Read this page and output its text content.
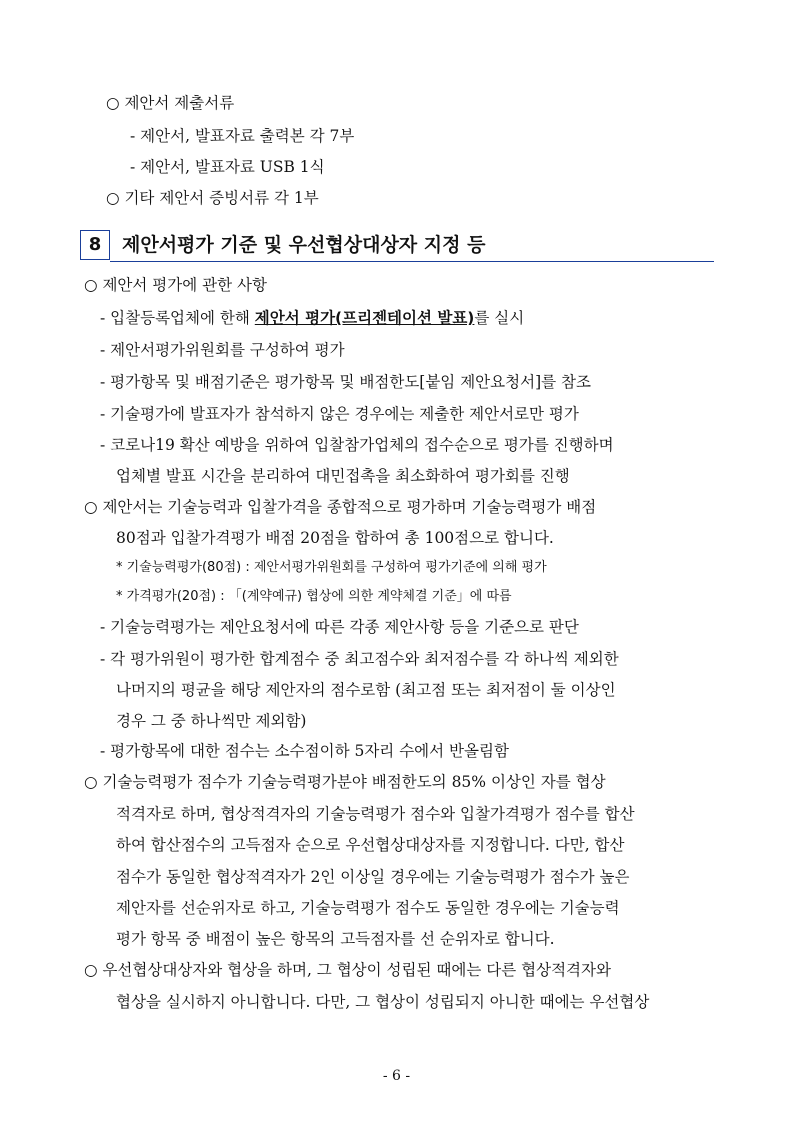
○ 제안서 제출서류
- 제안서, 발표자료 출력본 각 7부
- 제안서, 발표자료 USB 1식
○ 기타 제안서 증빙서류 각 1부
8	제안서평가 기준 및 우선협상대상자 지정 등
○ 제안서 평가에 관한 사항
- 입찰등록업체에 한해 제안서 평가(프리젠테이션 발표)를 실시
- 제안서평가위원회를 구성하여 평가
- 평가항목 및 배점기준은 평가항목 및 배점한도[붙임 제안요청서]를 참조
- 기술평가에 발표자가 참석하지 않은 경우에는 제출한 제안서로만 평가
- 코로나19 확산 예방을 위하여 입찰참가업체의 접수순으로 평가를 진행하며
업체별 발표 시간을 분리하여 대민접촉을 최소화하여 평가회를 진행
○ 제안서는 기술능력과 입찰가격을 종합적으로 평가하며 기술능력평가 배점
80점과 입찰가격평가 배점 20점을 합하여 총 100점으로 합니다.
* 기술능력평가(80점) : 제안서평가위원회를 구성하여 평가기준에 의해 평가
* 가격평가(20점) : 「(계약예규) 협상에 의한 계약체결 기준」에 따름
- 기술능력평가는 제안요청서에 따른 각종 제안사항 등을 기준으로 판단
- 각 평가위원이 평가한 합계점수 중 최고점수와 최저점수를 각 하나씩 제외한
나머지의 평균을 해당 제안자의 점수로함 (최고점 또는 최저점이 둘 이상인
경우 그 중 하나씩만 제외함)
- 평가항목에 대한 점수는 소수점이하 5자리 수에서 반올림함
○ 기술능력평가 점수가 기술능력평가분야 배점한도의 85% 이상인 자를 협상
적격자로 하며, 협상적격자의 기술능력평가 점수와 입찰가격평가 점수를 합산
하여 합산점수의 고득점자 순으로 우선협상대상자를 지정합니다. 다만, 합산
점수가 동일한 협상적격자가 2인 이상일 경우에는 기술능력평가 점수가 높은
제안자를 선순위자로 하고, 기술능력평가 점수도 동일한 경우에는 기술능력
평가 항목 중 배점이 높은 항목의 고득점자를 선 순위자로 합니다.
○ 우선협상대상자와 협상을 하며, 그 협상이 성립된 때에는 다른 협상적격자와
협상을 실시하지 아니합니다. 다만, 그 협상이 성립되지 아니한 때에는 우선협상
- 6 -
